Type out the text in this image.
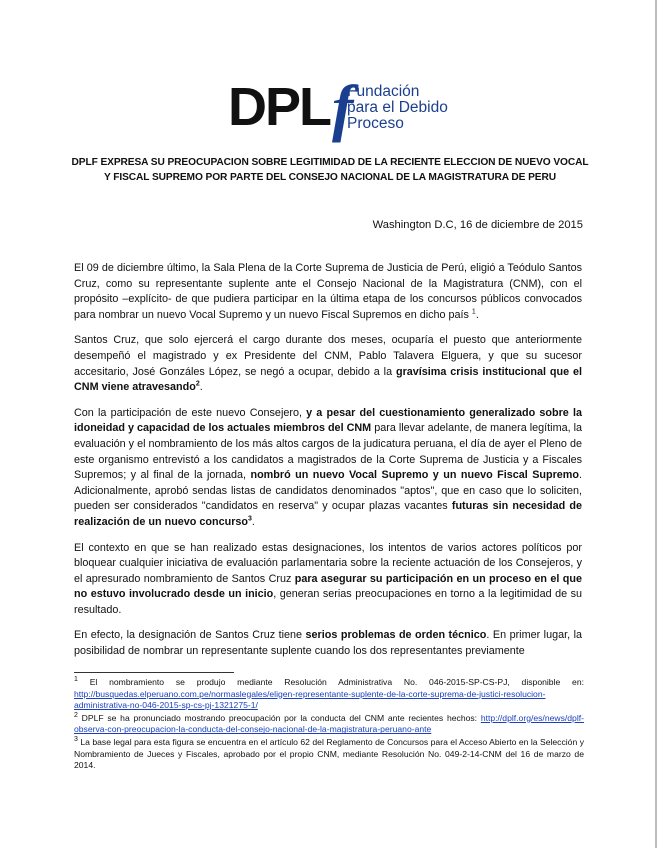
DPL f
Fundación
para el Debido
Proceso
DPLF EXPRESA SU PREOCUPACION SOBRE LEGITIMIDAD DE LA RECIENTE ELECCION DE NUEVO VOCAL
Y FISCAL SUPREMO POR PARTE DEL CONSEJO NACIONAL DE LA MAGISTRATURA DE PERU
Washington D.C, 16 de diciembre de 2015

El 09 de diciembre último, la Sala Plena de la Corte Suprema de Justicia de Perú, eligió a Teódulo Santos Cruz, como su representante suplente ante el Consejo Nacional de la Magistratura (CNM), con el propósito –explícito- de que pudiera participar en la última etapa de los concursos públicos convocados para nombrar un nuevo Vocal Supremo y un nuevo Fiscal Supremos en dicho país $^1$.

Santos Cruz, que solo ejercerá el cargo durante dos meses, ocuparía el puesto que anteriormente desempeñó el magistrado y ex Presidente del CNM, Pablo Talavera Elguera, y que su sucesor accesitario, José Gonzáles López, se negó a ocupar, debido a la gravísima crisis institucional que el CNM viene atravesando$^2$.

Con la participación de este nuevo Consejero, y a pesar del cuestionamiento generalizado sobre la idoneidad y capacidad de los actuales miembros del CNM para llevar adelante, de manera legítima, la evaluación y el nombramiento de los más altos cargos de la judicatura peruana, el día de ayer el Pleno de este organismo entrevistó a los candidatos a magistrados de la Corte Suprema de Justicia y a Fiscales Supremos; y al final de la jornada, nombró un nuevo Vocal Supremo y un nuevo Fiscal Supremo. Adicionalmente, aprobó sendas listas de candidatos denominados "aptos", que en caso que lo soliciten, pueden ser considerados "candidatos en reserva" y ocupar plazas vacantes futuras sin necesidad de realización de un nuevo concurso$^3$.

El contexto en que se han realizado estas designaciones, los intentos de varios actores políticos por bloquear cualquier iniciativa de evaluación parlamentaria sobre la reciente actuación de los Consejeros, y el apresurado nombramiento de Santos Cruz para asegurar su participación en un proceso en el que no estuvo involucrado desde un inicio, generan serias preocupaciones en torno a la legitimidad de su resultado.

En efecto, la designación de Santos Cruz tiene serios problemas de orden técnico. En primer lugar, la posibilidad de nombrar un representante suplente cuando los dos representantes previamente

$^1$ El nombramiento se produjo mediante Resolución Administrativa No. 046-2015-SP-CS-PJ, disponible en: http://busquedas.elperuano.com.pe/normaslegales/eligen-representante-suplente-de-la-corte-suprema-de-justici-resolucion-administrativa-no-046-2015-sp-cs-pj-1321275-1/

$^2$ DPLF se ha pronunciado mostrando preocupación por la conducta del CNM ante recientes hechos: http://dplf.org/es/news/dplf-observa-con-preocupacion-la-conducta-del-consejo-nacional-de-la-magistratura-peruano-ante

$^3$ La base legal para esta figura se encuentra en el artículo 62 del Reglamento de Concursos para el Acceso Abierto en la Selección y Nombramiento de Jueces y Fiscales, aprobado por el propio CNM, mediante Resolución No. 049-2-14-CNM del 16 de marzo de 2014.
